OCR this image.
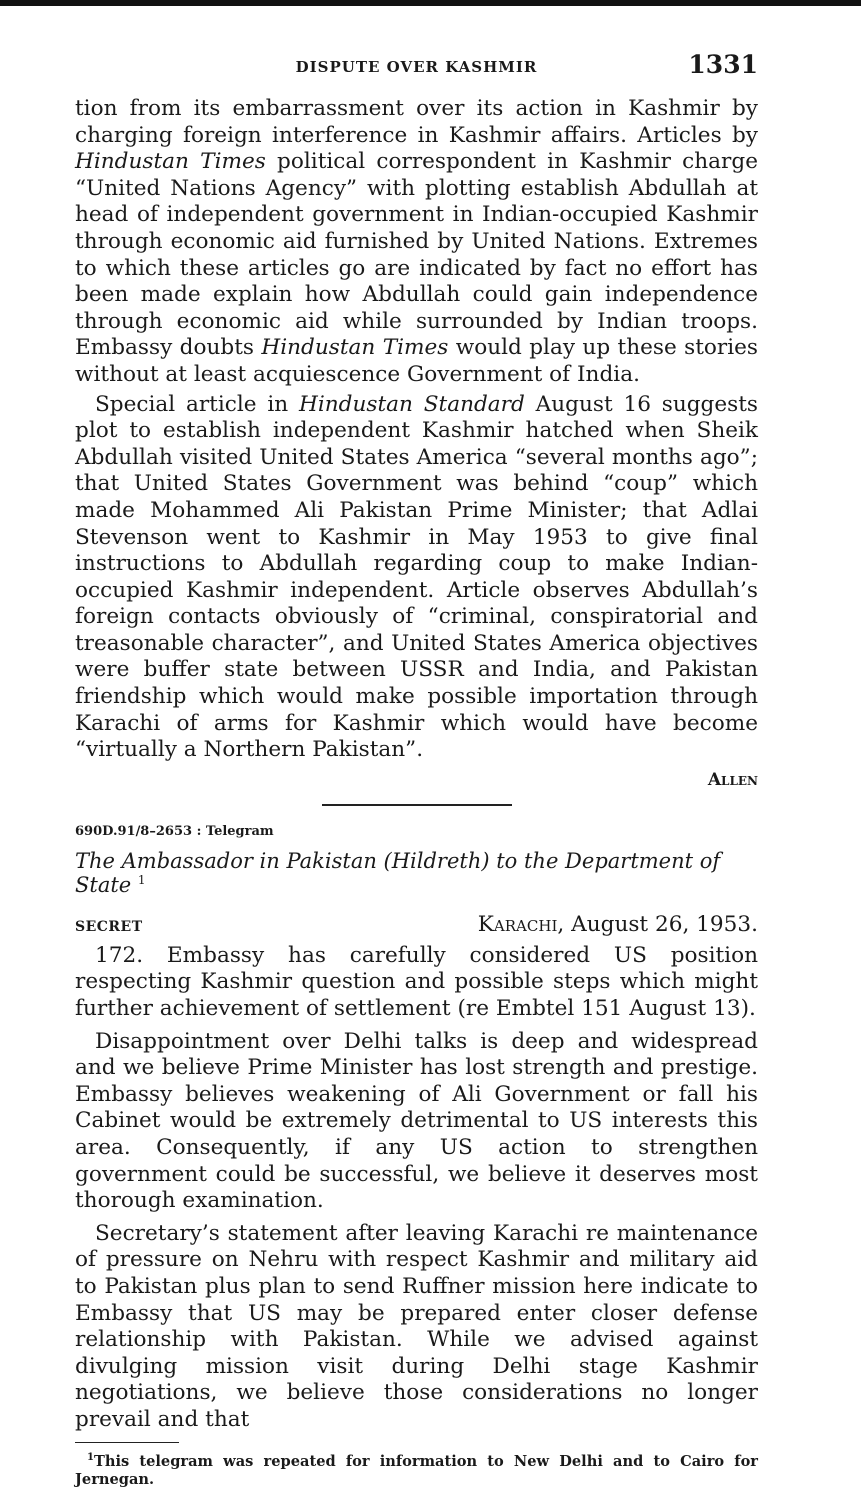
DISPUTE OVER KASHMIR	1331

tion from its embarrassment over its action in Kashmir by charging foreign interference in Kashmir affairs. Articles by Hindustan Times political correspondent in Kashmir charge “United Nations Agency” with plotting establish Abdullah at head of independent government in Indian-occupied Kashmir through economic aid furnished by United Nations. Extremes to which these articles go are indicated by fact no effort has been made explain how Abdullah could gain independence through economic aid while surrounded by Indian troops. Embassy doubts Hindustan Times would play up these stories without at least acquiescence Government of India.

Special article in Hindustan Standard August 16 suggests plot to establish independent Kashmir hatched when Sheik Abdullah visited United States America “several months ago”; that United States Government was behind “coup” which made Mohammed Ali Pakistan Prime Minister; that Adlai Stevenson went to Kashmir in May 1953 to give final instructions to Abdullah regarding coup to make Indian-occupied Kashmir independent. Article observes Abdullah’s foreign contacts obviously of “criminal, conspiratorial and treasonable character”, and United States America objectives were buffer state between USSR and India, and Pakistan friendship which would make possible importation through Karachi of arms for Kashmir which would have become “virtually a Northern Pakistan”.

Allen
690D.91/8–2653 : Telegram
The Ambassador in Pakistan (Hildreth) to the Department of State $^1$
SECRET	Karachi, August 26, 1953.

172. Embassy has carefully considered US position respecting Kashmir question and possible steps which might further achievement of settlement (re Embtel 151 August 13).

Disappointment over Delhi talks is deep and widespread and we believe Prime Minister has lost strength and prestige. Embassy believes weakening of Ali Government or fall his Cabinet would be extremely detrimental to US interests this area. Consequently, if any US action to strengthen government could be successful, we believe it deserves most thorough examination.

Secretary’s statement after leaving Karachi re maintenance of pressure on Nehru with respect Kashmir and military aid to Pakistan plus plan to send Ruffner mission here indicate to Embassy that US may be prepared enter closer defense relationship with Pakistan. While we advised against divulging mission visit during Delhi stage Kashmir negotiations, we believe those considerations no longer prevail and that

$^1$This telegram was repeated for information to New Delhi and to Cairo for Jernegan.
